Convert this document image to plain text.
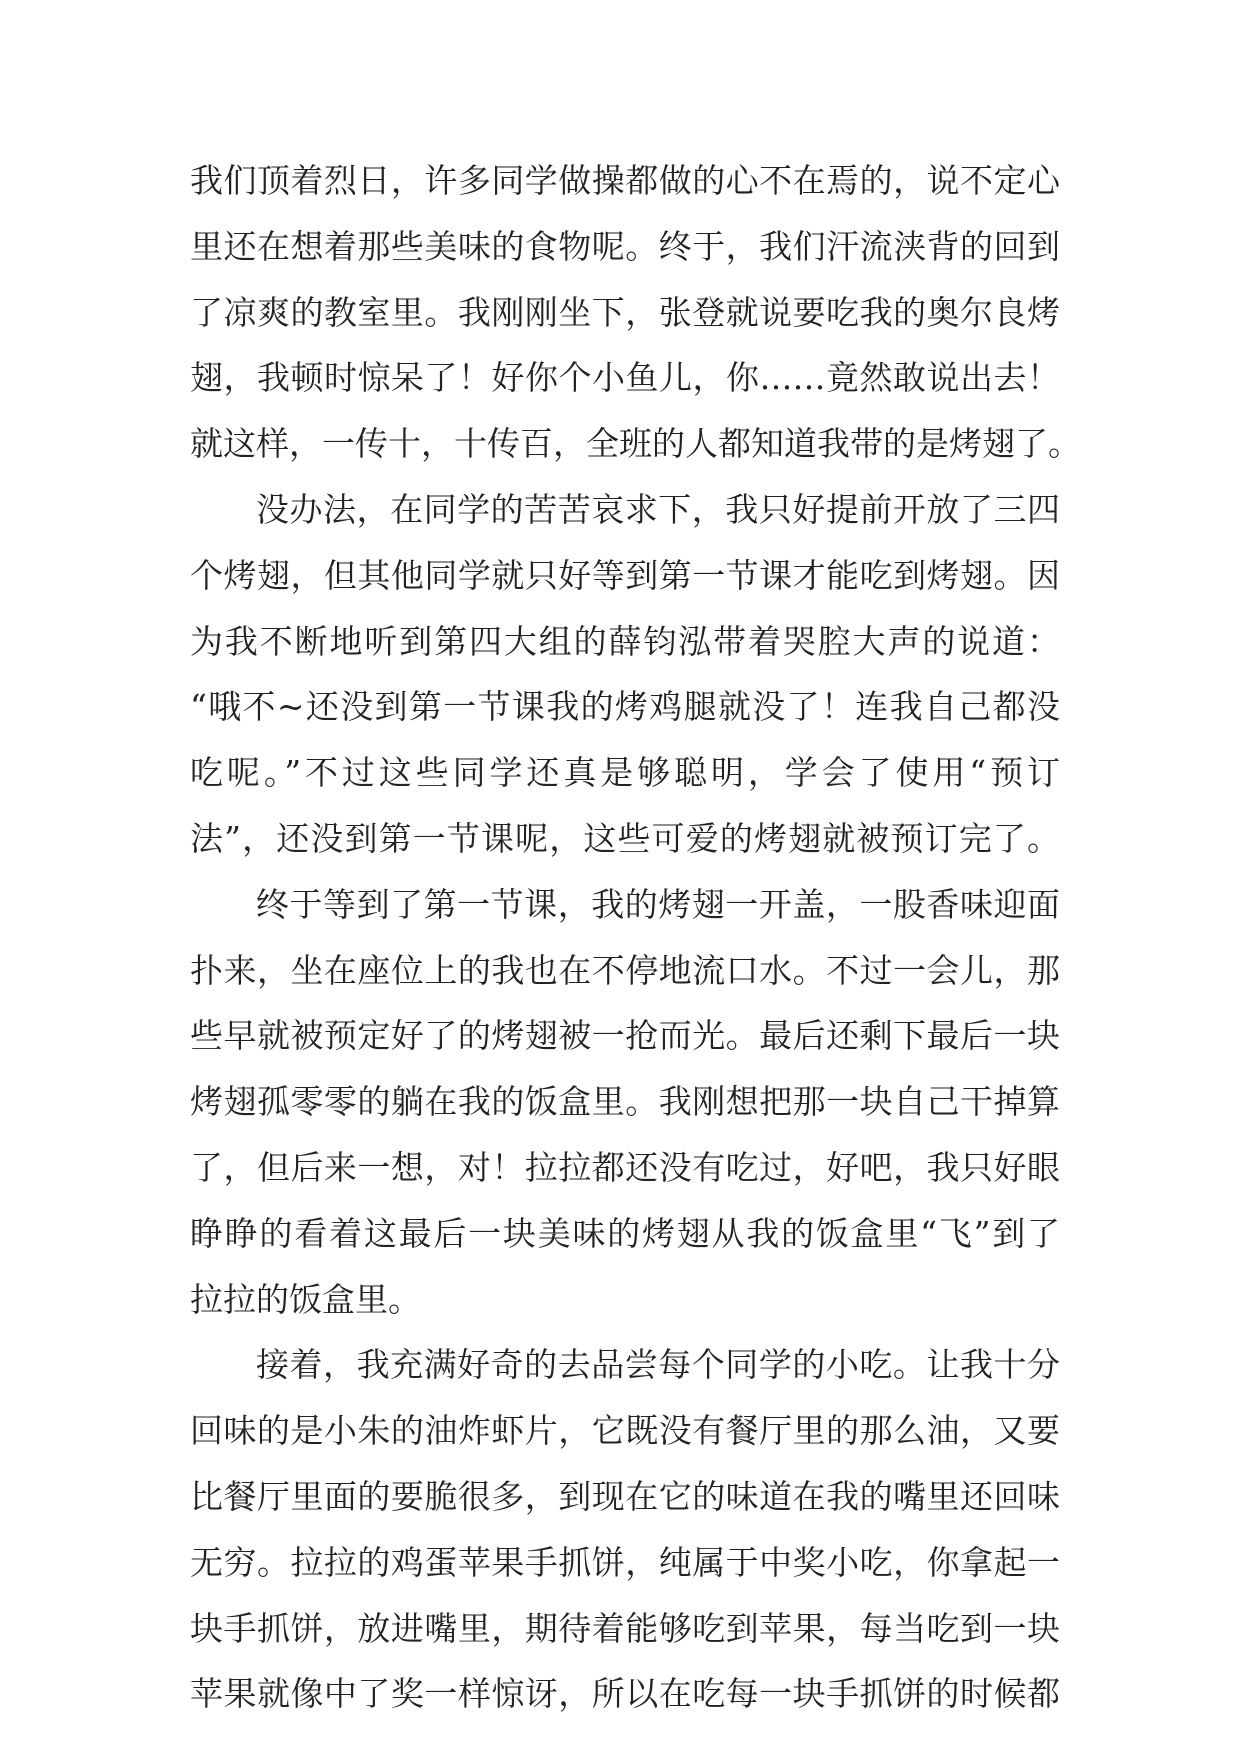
我们顶着烈日，许多同学做操都做的心不在焉的，说不定心
里还在想着那些美味的食物呢。终于，我们汗流浃背的回到
了凉爽的教室里。我刚刚坐下，张登就说要吃我的奥尔良烤
翅，我顿时惊呆了！好你个小鱼儿，你……竟然敢说出去！
就这样，一传十，十传百，全班的人都知道我带的是烤翅了。
没办法，在同学的苦苦哀求下，我只好提前开放了三四
个烤翅，但其他同学就只好等到第一节课才能吃到烤翅。因
为我不断地听到第四大组的薛钧泓带着哭腔大声的说道：
“哦不~还没到第一节课我的烤鸡腿就没了！连我自己都没
吃呢。”不过这些同学还真是够聪明，学会了使用“预订
法”，还没到第一节课呢，这些可爱的烤翅就被预订完了。
终于等到了第一节课，我的烤翅一开盖，一股香味迎面
扑来，坐在座位上的我也在不停地流口水。不过一会儿，那
些早就被预定好了的烤翅被一抢而光。最后还剩下最后一块
烤翅孤零零的躺在我的饭盒里。我刚想把那一块自己干掉算
了，但后来一想，对！拉拉都还没有吃过，好吧，我只好眼
睁睁的看着这最后一块美味的烤翅从我的饭盒里“飞”到了
拉拉的饭盒里。
接着，我充满好奇的去品尝每个同学的小吃。让我十分
回味的是小朱的油炸虾片，它既没有餐厅里的那么油，又要
比餐厅里面的要脆很多，到现在它的味道在我的嘴里还回味
无穷。拉拉的鸡蛋苹果手抓饼，纯属于中奖小吃，你拿起一
块手抓饼，放进嘴里，期待着能够吃到苹果，每当吃到一块
苹果就像中了奖一样惊讶，所以在吃每一块手抓饼的时候都
